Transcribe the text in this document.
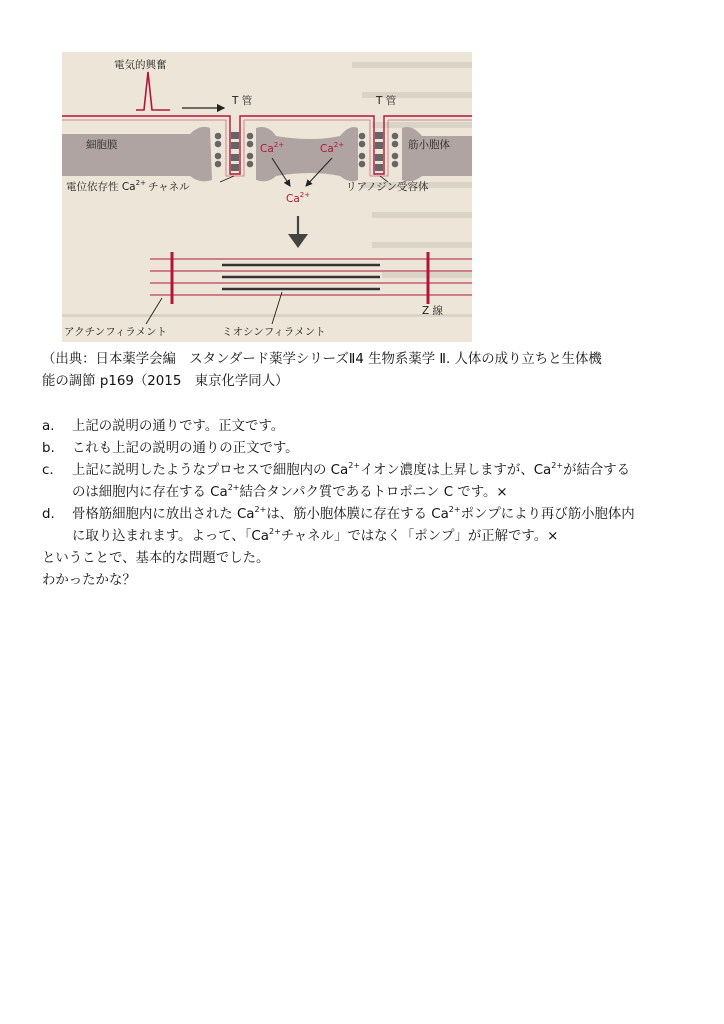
電気的興奮
T 管	T 管
細胞膜	筋小胞体
$Ca^{2+}$	$Ca^{2+}$
$Ca^{2+}$
電位依存性 $Ca^{2+}$ チャネル	リアノジン受容体
Z 線
アクチンフィラメント	ミオシンフィラメント
（出典：日本薬学会編　スタンダード薬学シリーズⅡ4 生物系薬学 Ⅱ. 人体の成り立ちと生体機
能の調節 p169（2015　東京化学同人）
a.	上記の説明の通りです。正文です。
b.	これも上記の説明の通りの正文です。
c.	上記に説明したようなプロセスで細胞内の $Ca^{2+}$イオン濃度は上昇しますが、$Ca^{2+}$が結合する
のは細胞内に存在する $Ca^{2+}$結合タンパク質であるトロポニン C です。×
d.	骨格筋細胞内に放出された $Ca^{2+}$は、筋小胞体膜に存在する $Ca^{2+}$ポンプにより再び筋小胞体内
に取り込まれます。よって、「$Ca^{2+}$チャネル」ではなく「ポンプ」が正解です。×
ということで、基本的な問題でした。
わかったかな？
